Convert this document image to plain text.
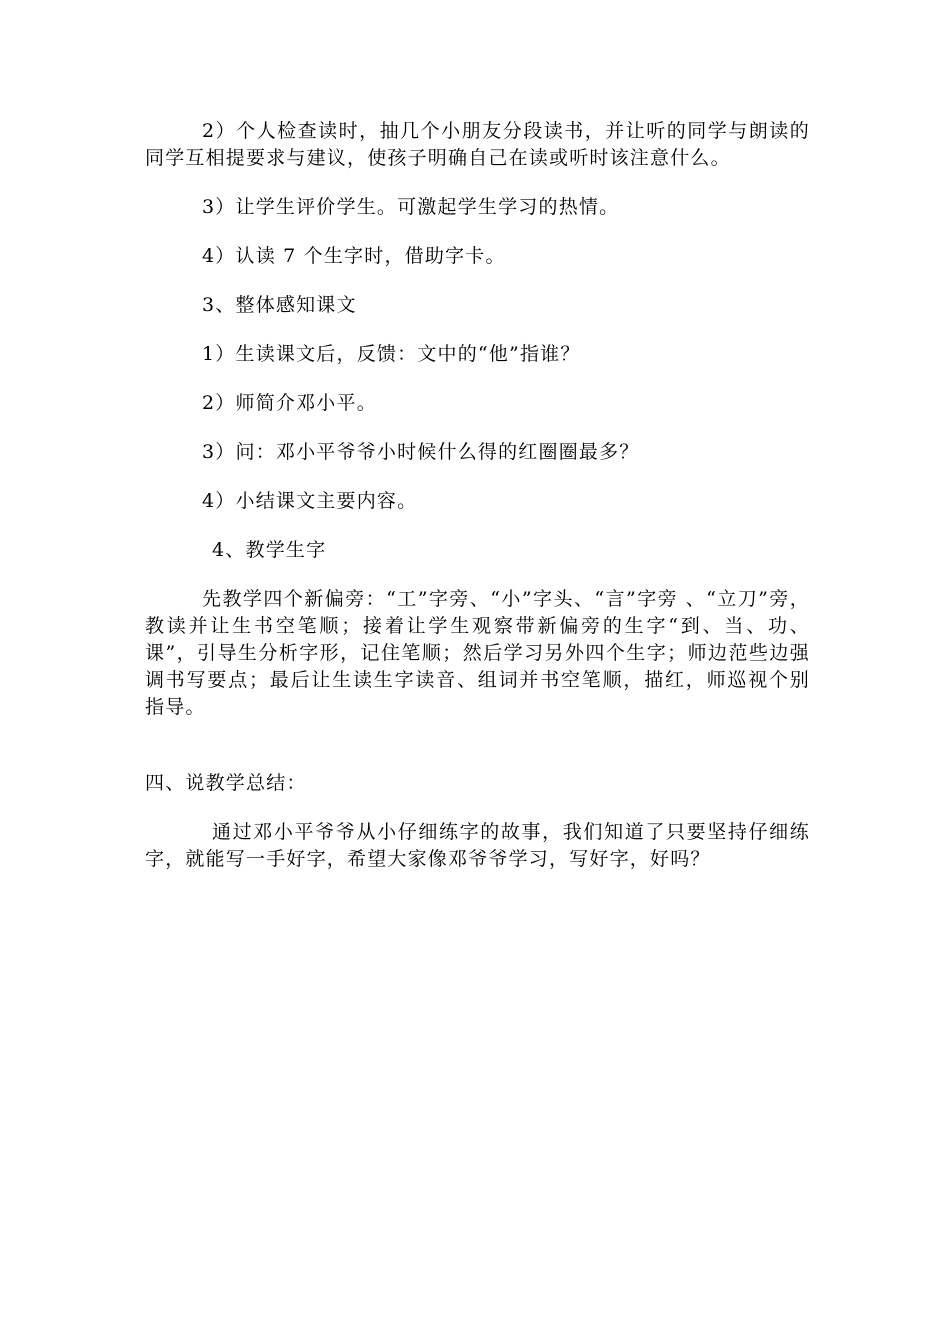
2）个人检查读时，抽几个小朋友分段读书，并让听的同学与朗读的同学互相提要求与建议，使孩子明确自己在读或听时该注意什么。

3）让学生评价学生。可激起学生学习的热情。

4）认读 7 个生字时，借助字卡。

3、整体感知课文

1）生读课文后，反馈：文中的“他”指谁？

2）师简介邓小平。

3）问：邓小平爷爷小时候什么得的红圈圈最多？

4）小结课文主要内容。

4、教学生字

先教学四个新偏旁：“工”字旁、“小”字头、“言”字旁 、“立刀”旁，教读并让生书空笔顺；接着让学生观察带新偏旁的生字“到、当、功、课”，引导生分析字形，记住笔顺；然后学习另外四个生字；师边范些边强调书写要点；最后让生读生字读音、组词并书空笔顺，描红，师巡视个别指导。

四、说教学总结：

通过邓小平爷爷从小仔细练字的故事，我们知道了只要坚持仔细练字，就能写一手好字，希望大家像邓爷爷学习，写好字，好吗？
